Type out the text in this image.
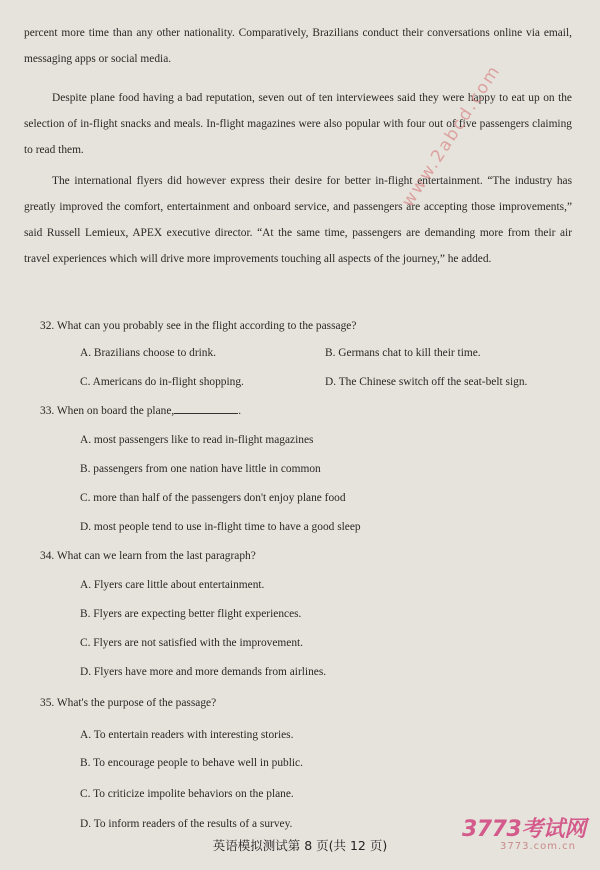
percent more time than any other nationality. Comparatively, Brazilians conduct their conversations online via email, messaging apps or social media.
Despite plane food having a bad reputation, seven out of ten interviewees said they were happy to eat up on the selection of in-flight snacks and meals. In-flight magazines were also popular with four out of five passengers claiming to read them.
The international flyers did however express their desire for better in-flight entertainment. “The industry has greatly improved the comfort, entertainment and onboard service, and passengers are accepting those improvements,” said Russell Lemieux, APEX executive director. “At the same time, passengers are demanding more from their air travel experiences which will drive more improvements touching all aspects of the journey,” he added.
www.2abcd.com
32. What can you probably see in the flight according to the passage?
A. Brazilians choose to drink.	B. Germans chat to kill their time.
C. Americans do in-flight shopping.	D. The Chinese switch off the seat-belt sign.
33. When on board the plane,	.
A. most passengers like to read in-flight magazines
B. passengers from one nation have little in common
C. more than half of the passengers don't enjoy plane food
D. most people tend to use in-flight time to have a good sleep
34. What can we learn from the last paragraph?
A. Flyers care little about entertainment.
B. Flyers are expecting better flight experiences.
C. Flyers are not satisfied with the improvement.
D. Flyers have more and more demands from airlines.
35. What's the purpose of the passage?
A. To entertain readers with interesting stories.
B. To encourage people to behave well in public.
C. To criticize impolite behaviors on the plane.
D. To inform readers of the results of a survey.
英语模拟测试第 8 页(共 12 页)
3773考试网
3773.com.cn
